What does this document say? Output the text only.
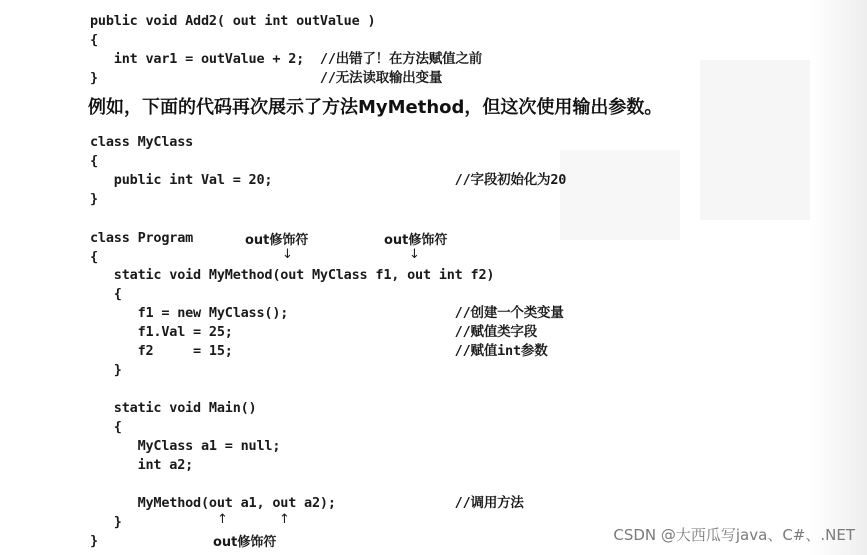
public void Add2( out int outValue )
{
int var1 = outValue + 2;  //出错了！在方法赋值之前
}                            //无法读取输出变量
例如，下面的代码再次展示了方法MyMethod，但这次使用输出参数。
class MyClass
{
public int Val = 20;                       //字段初始化为20
}
class Program
{
static void MyMethod(out MyClass f1, out int f2)
{
f1 = new MyClass();                     //创建一个类变量
f1.Val = 25;                            //赋值类字段
f2     = 15;                            //赋值int参数
}
static void Main()
{
MyClass a1 = null;
int a2;
MyMethod(out a1, out a2);               //调用方法
}
}
out修饰符
↓
out修饰符
↓
↑	↑
out修饰符	CSDN @大西瓜写java、C#、.NET
